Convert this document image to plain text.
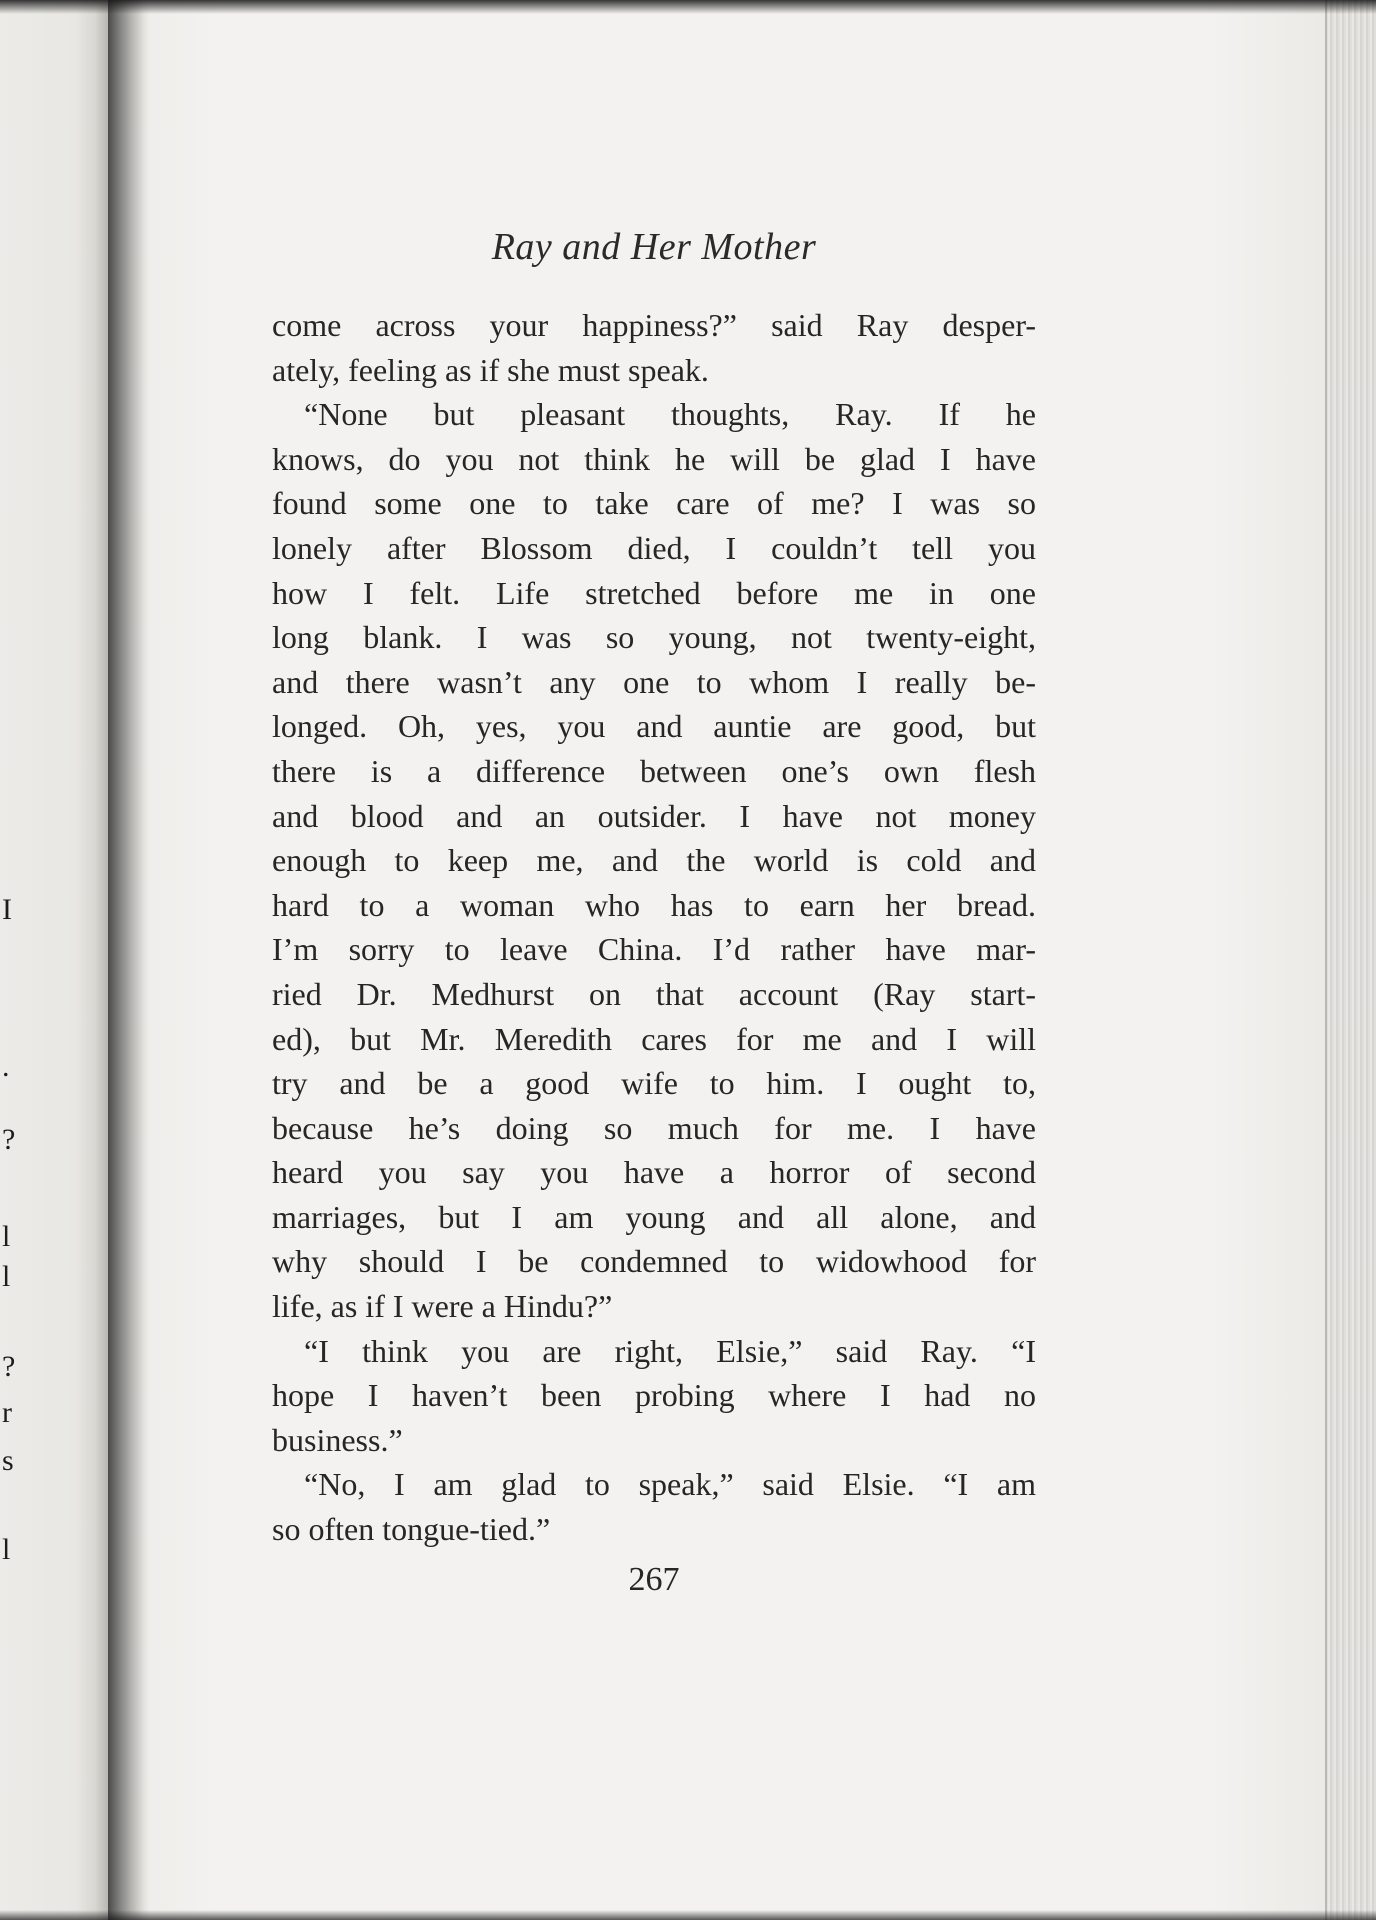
I
.
?
l
l
?
r
s
l
Ray and Her Mother
come across your happiness?” said Ray desper-
ately, feeling as if she must speak.
“None but pleasant thoughts, Ray. If he
knows, do you not think he will be glad I have
found some one to take care of me? I was so
lonely after Blossom died, I couldn’t tell you
how I felt. Life stretched before me in one
long blank. I was so young, not twenty-eight,
and there wasn’t any one to whom I really be-
longed. Oh, yes, you and auntie are good, but
there is a difference between one’s own flesh
and blood and an outsider. I have not money
enough to keep me, and the world is cold and
hard to a woman who has to earn her bread.
I’m sorry to leave China. I’d rather have mar-
ried Dr. Medhurst on that account (Ray start-
ed), but Mr. Meredith cares for me and I will
try and be a good wife to him. I ought to,
because he’s doing so much for me. I have
heard you say you have a horror of second
marriages, but I am young and all alone, and
why should I be condemned to widowhood for
life, as if I were a Hindu?”
“I think you are right, Elsie,” said Ray. “I
hope I haven’t been probing where I had no
business.”
“No, I am glad to speak,” said Elsie. “I am
so often tongue-tied.”
267
